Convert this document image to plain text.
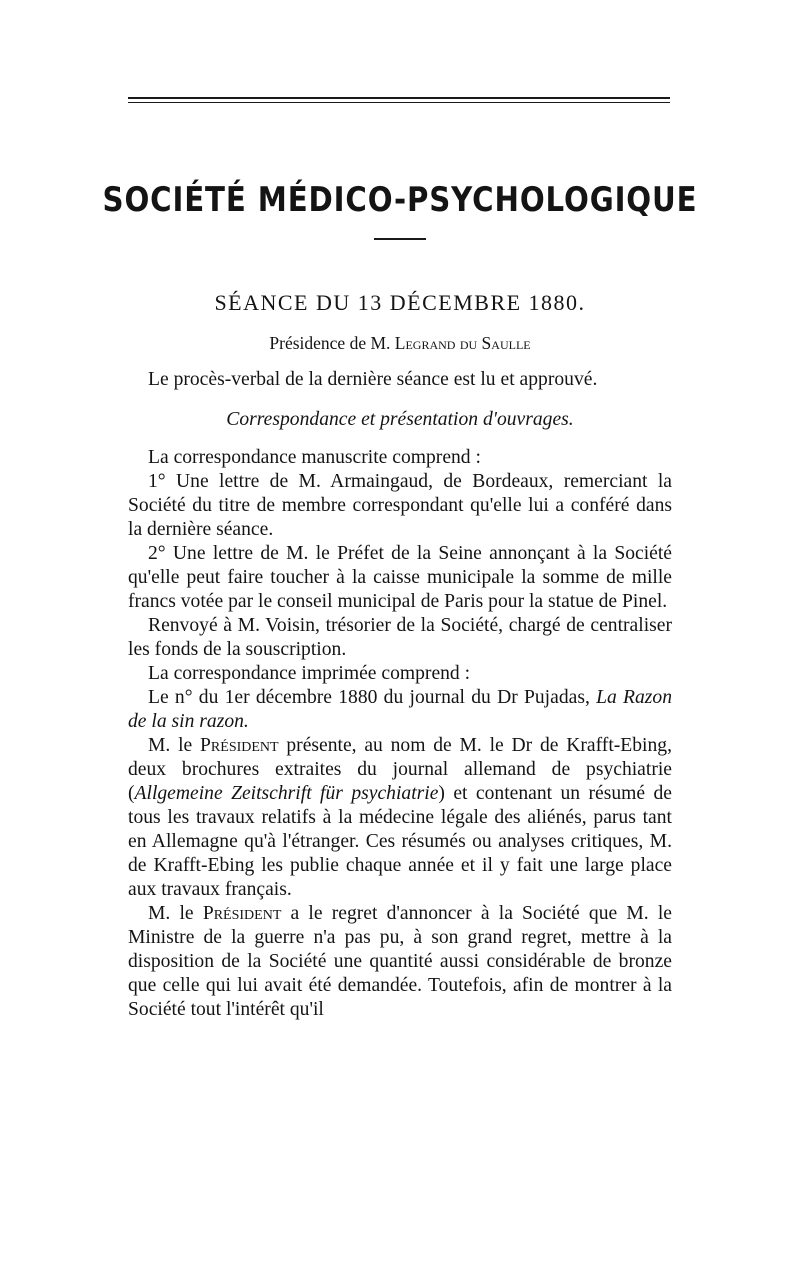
SOCIÉTÉ MÉDICO-PSYCHOLOGIQUE
SÉANCE DU 13 DÉCEMBRE 1880.
Présidence de M. Legrand du Saulle

Le procès-verbal de la dernière séance est lu et approuvé.

Correspondance et présentation d'ouvrages.

La correspondance manuscrite comprend :

1° Une lettre de M. Armaingaud, de Bordeaux, remerciant la Société du titre de membre correspondant qu'elle lui a conféré dans la dernière séance.

2° Une lettre de M. le Préfet de la Seine annonçant à la Société qu'elle peut faire toucher à la caisse municipale la somme de mille francs votée par le conseil municipal de Paris pour la statue de Pinel.

Renvoyé à M. Voisin, trésorier de la Société, chargé de centraliser les fonds de la souscription.

La correspondance imprimée comprend :

Le n° du 1er décembre 1880 du journal du Dr Pujadas, La Razon de la sin razon.

M. le Président présente, au nom de M. le Dr de Krafft-Ebing, deux brochures extraites du journal allemand de psychiatrie (Allgemeine Zeitschrift für psychiatrie) et contenant un résumé de tous les travaux relatifs à la médecine légale des aliénés, parus tant en Allemagne qu'à l'étranger. Ces résumés ou analyses critiques, M. de Krafft-Ebing les publie chaque année et il y fait une large place aux travaux français.

M. le Président a le regret d'annoncer à la Société que M. le Ministre de la guerre n'a pas pu, à son grand regret, mettre à la disposition de la Société une quantité aussi considérable de bronze que celle qui lui avait été demandée. Toutefois, afin de montrer à la Société tout l'intérêt qu'il
